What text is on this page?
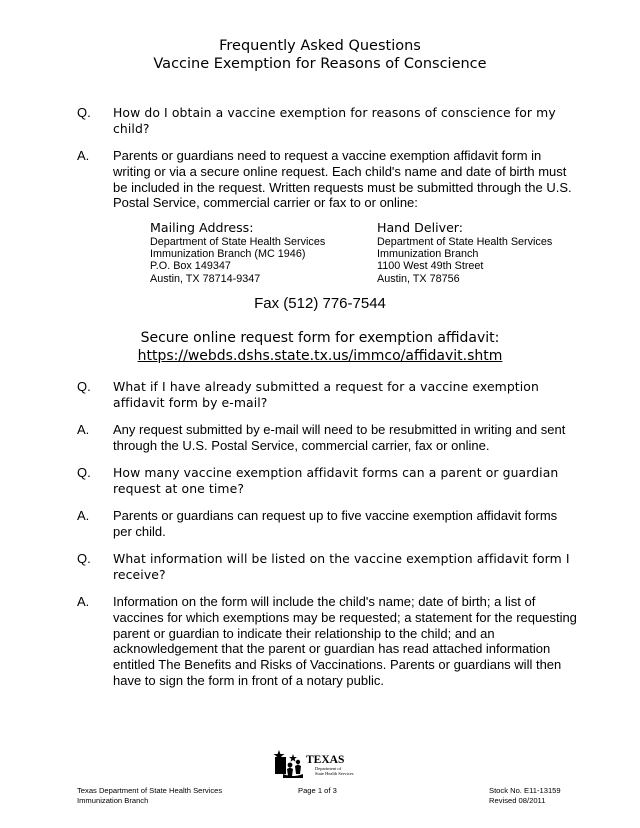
Frequently Asked Questions
Vaccine Exemption for Reasons of Conscience
Q. How do I obtain a vaccine exemption for reasons of conscience for my child?
A. Parents or guardians need to request a vaccine exemption affidavit form in writing or via a secure online request. Each child's name and date of birth must be included in the request. Written requests must be submitted through the U.S. Postal Service, commercial carrier or fax to or online:
Mailing Address:
Department of State Health Services
Immunization Branch (MC 1946)
P.O. Box 149347
Austin, TX 78714-9347
Hand Deliver:
Department of State Health Services
Immunization Branch
1100 West 49th Street
Austin, TX 78756
Fax (512) 776-7544
Secure online request form for exemption affidavit:
https://webds.dshs.state.tx.us/immco/affidavit.shtm
Q. What if I have already submitted a request for a vaccine exemption affidavit form by e-mail?
A. Any request submitted by e-mail will need to be resubmitted in writing and sent through the U.S. Postal Service, commercial carrier, fax or online.
Q. How many vaccine exemption affidavit forms can a parent or guardian request at one time?
A. Parents or guardians can request up to five vaccine exemption affidavit forms per child.
Q. What information will be listed on the vaccine exemption affidavit form I receive?
A. Information on the form will include the child's name; date of birth; a list of vaccines for which exemptions may be requested; a statement for the requesting parent or guardian to indicate their relationship to the child; and an acknowledgement that the parent or guardian has read attached information entitled The Benefits and Risks of Vaccinations. Parents or guardians will then have to sign the form in front of a notary public.
TEXAS
Department of
State Health Services
Texas Department of State Health Services
Immunization Branch
Page 1 of 3	Stock No. E11-13159
Revised 08/2011
